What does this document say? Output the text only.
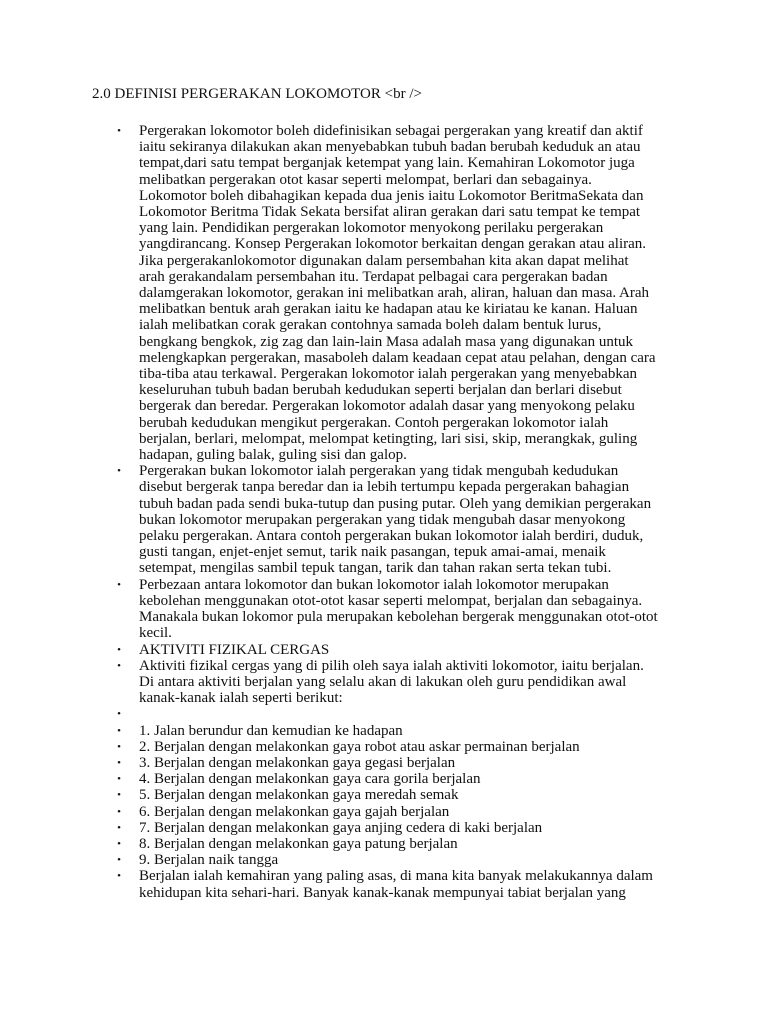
2.0 DEFINISI PERGERAKAN LOKOMOTOR <br />
• Pergerakan lokomotor boleh didefinisikan sebagai pergerakan yang kreatif dan aktif
iaitu sekiranya dilakukan akan menyebabkan tubuh badan berubah keduduk an atau
tempat,dari satu tempat berganjak ketempat yang lain. Kemahiran Lokomotor juga
melibatkan pergerakan otot kasar seperti melompat, berlari dan sebagainya.
Lokomotor boleh dibahagikan kepada dua jenis iaitu Lokomotor BeritmaSekata dan
Lokomotor Beritma Tidak Sekata bersifat aliran gerakan dari satu tempat ke tempat
yang lain. Pendidikan pergerakan lokomotor menyokong perilaku pergerakan
yangdirancang. Konsep Pergerakan lokomotor berkaitan dengan gerakan atau aliran.
Jika pergerakanlokomotor digunakan dalam persembahan kita akan dapat melihat
arah gerakandalam persembahan itu. Terdapat pelbagai cara pergerakan badan
dalamgerakan lokomotor, gerakan ini melibatkan arah, aliran, haluan dan masa. Arah
melibatkan bentuk arah gerakan iaitu ke hadapan atau ke kiriatau ke kanan. Haluan
ialah melibatkan corak gerakan contohnya samada boleh dalam bentuk lurus,
bengkang bengkok, zig zag dan lain-lain Masa adalah masa yang digunakan untuk
melengkapkan pergerakan, masaboleh dalam keadaan cepat atau pelahan, dengan cara
tiba-tiba atau terkawal. Pergerakan lokomotor ialah pergerakan yang menyebabkan
keseluruhan tubuh badan berubah kedudukan seperti berjalan dan berlari disebut
bergerak dan beredar. Pergerakan lokomotor adalah dasar yang menyokong pelaku
berubah kedudukan mengikut pergerakan. Contoh pergerakan lokomotor ialah
berjalan, berlari, melompat, melompat ketingting, lari sisi, skip, merangkak, guling
hadapan, guling balak, guling sisi dan galop.
• Pergerakan bukan lokomotor ialah pergerakan yang tidak mengubah kedudukan
disebut bergerak tanpa beredar dan ia lebih tertumpu kepada pergerakan bahagian
tubuh badan pada sendi buka-tutup dan pusing putar. Oleh yang demikian pergerakan
bukan lokomotor merupakan pergerakan yang tidak mengubah dasar menyokong
pelaku pergerakan. Antara contoh pergerakan bukan lokomotor ialah berdiri, duduk,
gusti tangan, enjet-enjet semut, tarik naik pasangan, tepuk amai-amai, menaik
setempat, mengilas sambil tepuk tangan, tarik dan tahan rakan serta tekan tubi.
• Perbezaan antara lokomotor dan bukan lokomotor ialah lokomotor merupakan
kebolehan menggunakan otot-otot kasar seperti melompat, berjalan dan sebagainya.
Manakala bukan lokomor pula merupakan kebolehan bergerak menggunakan otot-otot
kecil.
• AKTIVITI FIZIKAL CERGAS
• Aktiviti fizikal cergas yang di pilih oleh saya ialah aktiviti lokomotor, iaitu berjalan.
Di antara aktiviti berjalan yang selalu akan di lakukan oleh guru pendidikan awal
kanak-kanak ialah seperti berikut:
•
• 1. Jalan berundur dan kemudian ke hadapan
• 2. Berjalan dengan melakonkan gaya robot atau askar permainan berjalan
• 3. Berjalan dengan melakonkan gaya gegasi berjalan
• 4. Berjalan dengan melakonkan gaya cara gorila berjalan
• 5. Berjalan dengan melakonkan gaya meredah semak
• 6. Berjalan dengan melakonkan gaya gajah berjalan
• 7. Berjalan dengan melakonkan gaya anjing cedera di kaki berjalan
• 8. Berjalan dengan melakonkan gaya patung berjalan
• 9. Berjalan naik tangga
• Berjalan ialah kemahiran yang paling asas, di mana kita banyak melakukannya dalam
kehidupan kita sehari-hari. Banyak kanak-kanak mempunyai tabiat berjalan yang
